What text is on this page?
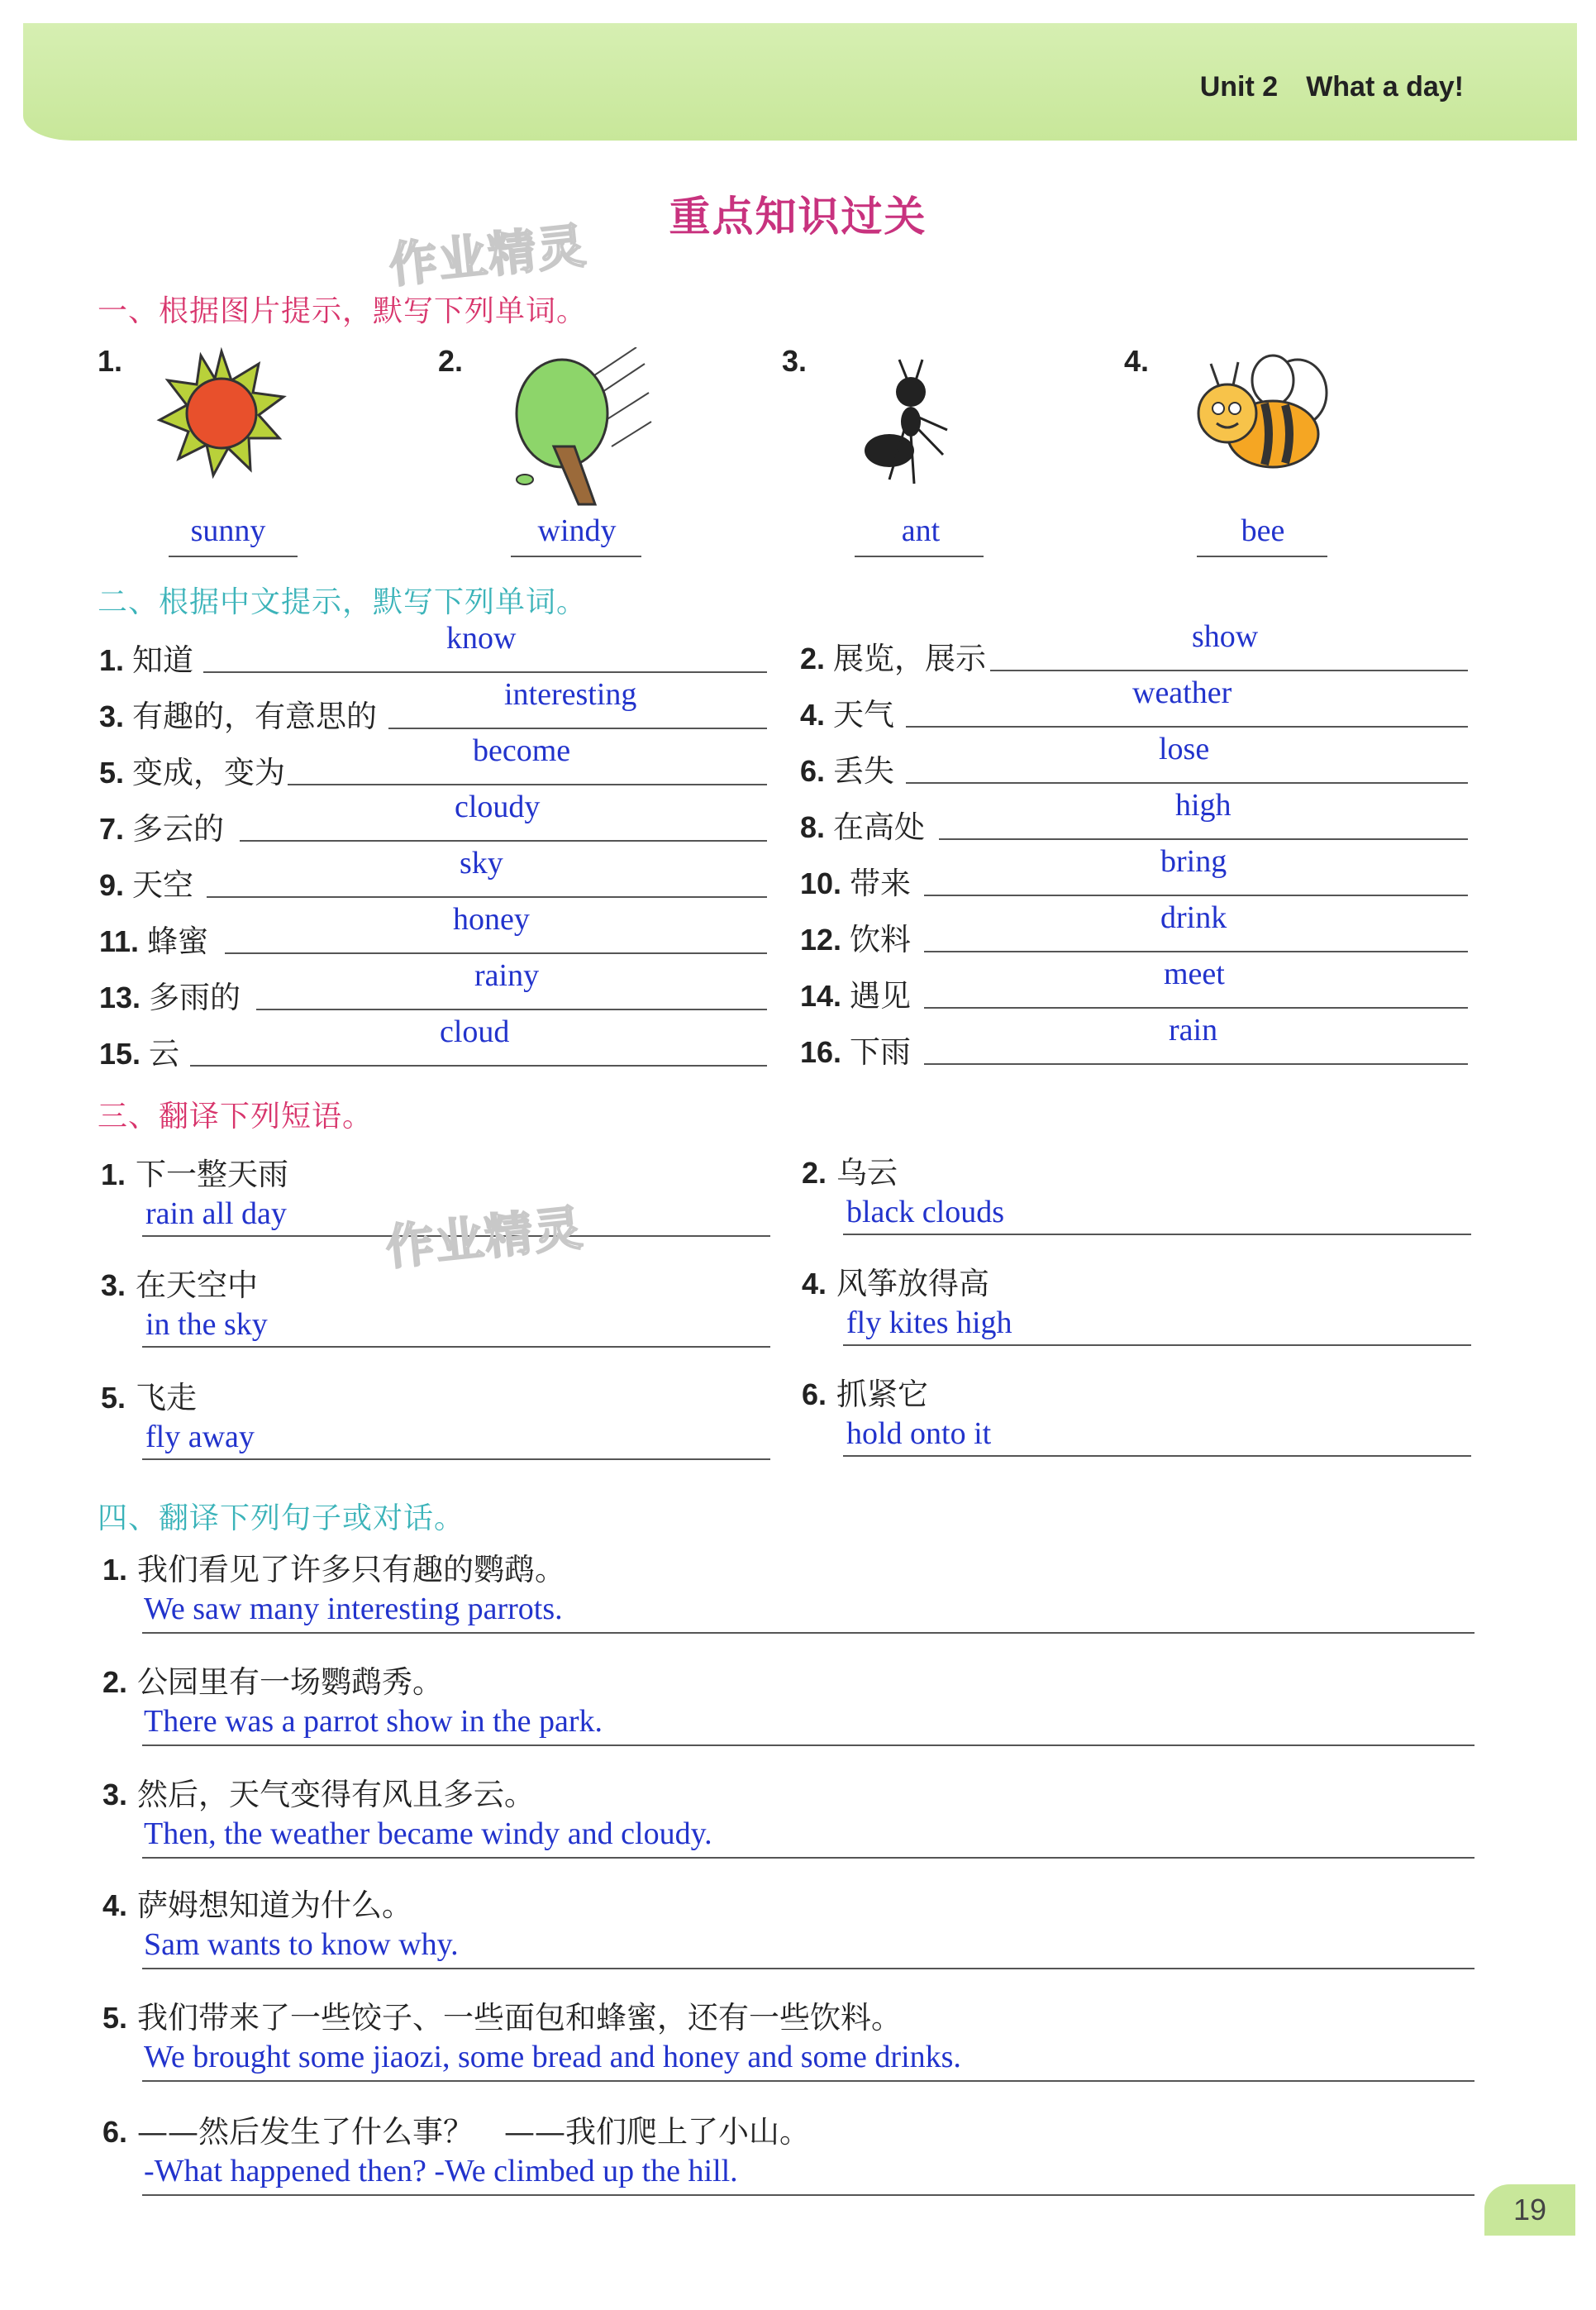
Unit 2 What a day!
重点知识过关
作业精灵
一、根据图片提示，默写下列单词。
1.
sunny
2.
windy
3.
ant
4.
bee
二、根据中文提示，默写下列单词。
1. 知道
know
3. 有趣的，有意思的
interesting
5. 变成，变为
become
7. 多云的
cloudy
9. 天空
sky
11. 蜂蜜
honey
13. 多雨的
rainy
15. 云
cloud
2. 展览，展示
show
4. 天气
weather
6. 丢失
lose
8. 在高处
high
10. 带来
bring
12. 饮料
drink
14. 遇见
meet
16. 下雨
rain
三、翻译下列短语。
1. 下一整天雨
rain all day
2. 乌云
black clouds
3. 在天空中
in the sky
4. 风筝放得高
fly kites high
5. 飞走
fly away
6. 抓紧它
hold onto it
作业精灵
四、翻译下列句子或对话。
1. 我们看见了许多只有趣的鹦鹉。
We saw many interesting parrots.
2. 公园里有一场鹦鹉秀。
There was a parrot show in the park.
3. 然后，天气变得有风且多云。
Then, the weather became windy and cloudy.
4. 萨姆想知道为什么。
Sam wants to know why.
5. 我们带来了一些饺子、一些面包和蜂蜜，还有一些饮料。
We brought some jiaozi, some bread and honey and some drinks.
6. ——然后发生了什么事？　——我们爬上了小山。
-What happened then? -We climbed up the hill.
19
